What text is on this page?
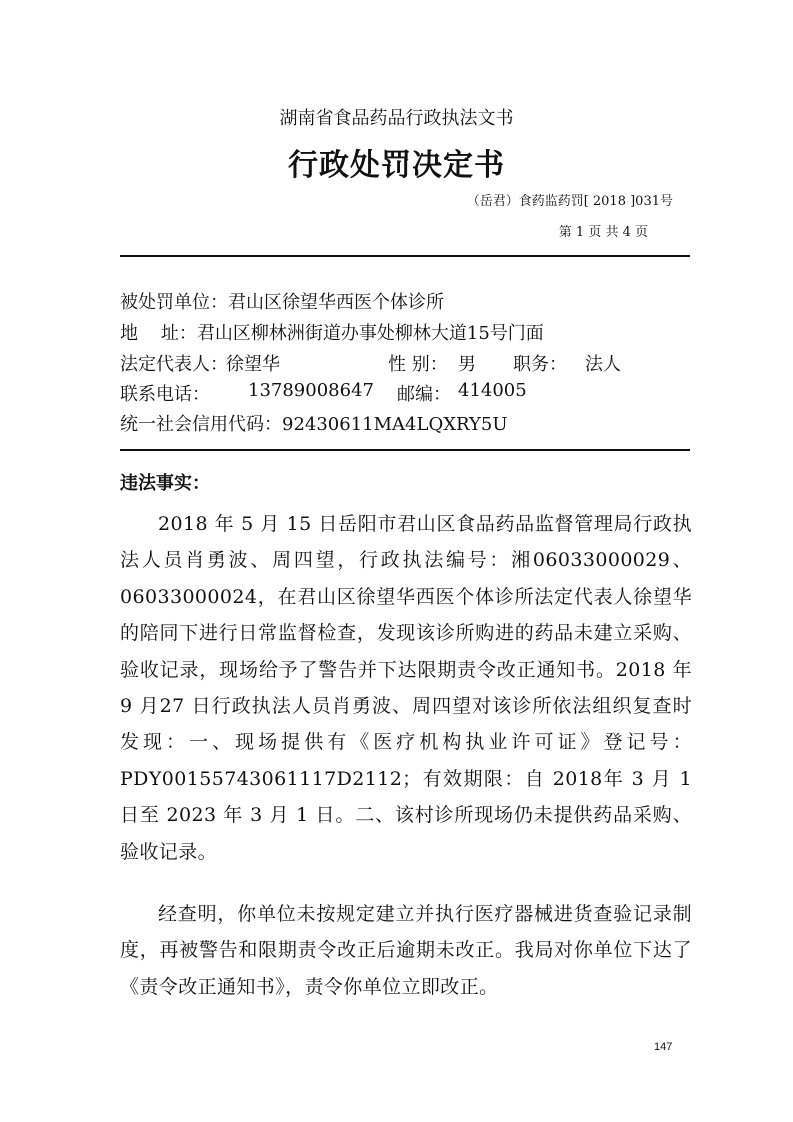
湖南省食品药品行政执法文书
行政处罚决定书
（岳君）食药监药罚[ 2018 ]031号
第 1 页 共 4 页
被处罚单位：君山区徐望华西医个体诊所
地    址：君山区柳林洲街道办事处柳林大道15号门面
法定代表人：
徐望华	性 别： 男 职务： 法人
联系电话： 13789008647 邮编： 414005
统一社会信用代码：92430611MA4LQXRY5U
违法事实：
2018 年 5 月 15 日岳阳市君山区食品药品监督管理局行政执法人员肖勇波、周四望，行政执法编号：湘06033000029、06033000024，在君山区徐望华西医个体诊所法定代表人徐望华的陪同下进行日常监督检查，发现该诊所购进的药品未建立采购、验收记录，现场给予了警告并下达限期责令改正通知书。2018 年 9 月27 日行政执法人员肖勇波、周四望对该诊所依法组织复查时发现：一、现场提供有《医疗机构执业许可证》登记号：PDY00155743061117D2112；有效期限：自 2018年 3 月 1 日至 2023 年 3 月 1 日。二、该村诊所现场仍未提供药品采购、验收记录。
经查明，你单位未按规定建立并执行医疗器械进货查验记录制度，再被警告和限期责令改正后逾期未改正。我局对你单位下达了《责令改正通知书》，责令你单位立即改正。
147
